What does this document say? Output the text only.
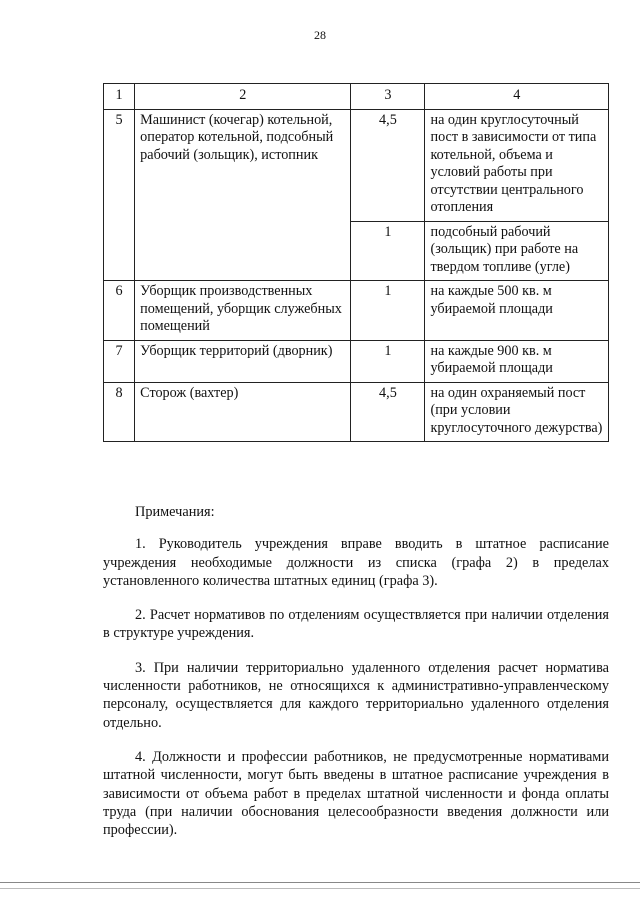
28
1	2	3	4
5	Машинист (кочегар) котельной, оператор котельной, подсобный рабочий (зольщик), истопник	4,5	на один круглосуточный пост в зависимости от типа котельной, объема и условий работы при отсутствии центрального отопления
		1	подсобный рабочий (зольщик) при работе на твердом топливе (угле)
6	Уборщик производственных помещений, уборщик служебных помещений	1	на каждые 500 кв. м убираемой площади
7	Уборщик территорий (дворник)	1	на каждые 900 кв. м убираемой площади
8	Сторож (вахтер)	4,5	на один охраняемый пост (при условии круглосуточного дежурства)
Примечания:

1. Руководитель учреждения вправе вводить в штатное расписание учреждения необходимые должности из списка (графа 2) в пределах установленного количества штатных единиц (графа 3).

2. Расчет нормативов по отделениям осуществляется при наличии отделения в структуре учреждения.

3. При наличии территориально удаленного отделения расчет норматива численности работников, не относящихся к административно-управленческому персоналу, осуществляется для каждого территориально удаленного отделения отдельно.

4. Должности и профессии работников, не предусмотренные нормативами штатной численности, могут быть введены в штатное расписание учреждения в зависимости от объема работ в пределах штатной численности и фонда оплаты труда (при наличии обоснования целесообразности введения должности или профессии).
